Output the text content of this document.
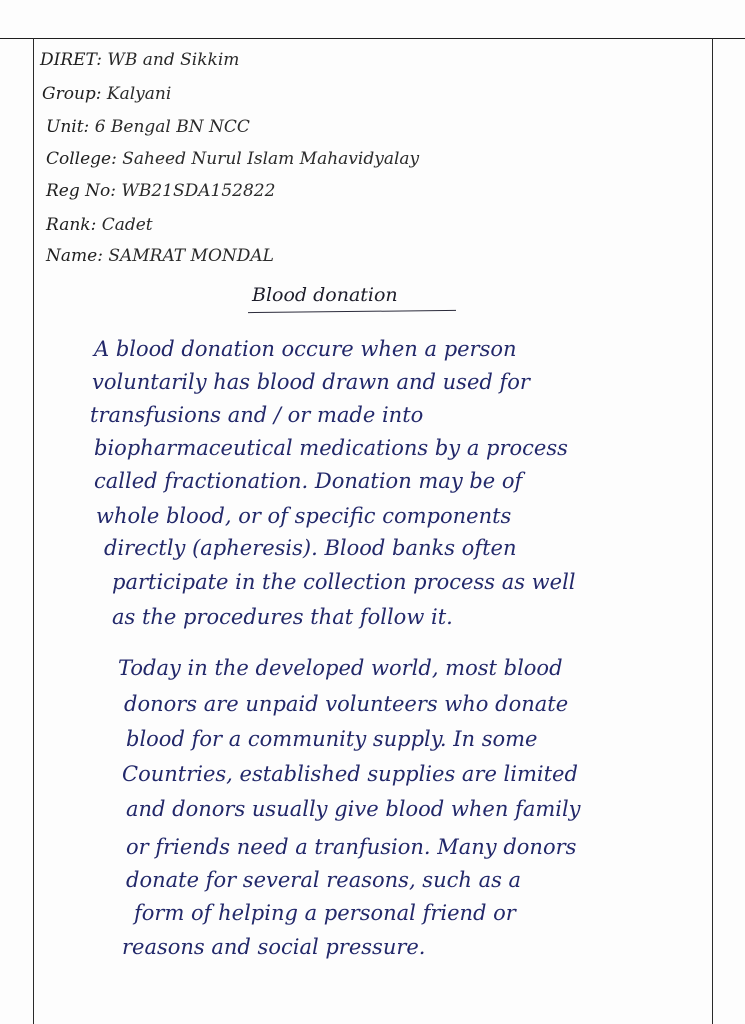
DIRET: WB and Sikkim
Group: Kalyani
Unit: 6 Bengal BN NCC
College: Saheed Nurul Islam Mahavidyalay
Reg No: WB21SDA152822
Rank: Cadet
Name: SAMRAT MONDAL
Blood donation
A blood donation occure when a person
voluntarily has blood drawn and used for
transfusions and / or made into
biopharmaceutical medications by a process
called fractionation. Donation may be of
whole blood, or of specific components
directly (apheresis). Blood banks often
participate in the collection process as well
as the procedures that follow it.
Today in the developed world, most blood
donors are unpaid volunteers who donate
blood for a community supply. In some
Countries, established supplies are limited
and donors usually give blood when family
or friends need a tranfusion. Many donors
donate for several reasons, such as a
form of helping a personal friend or
reasons and social pressure.
